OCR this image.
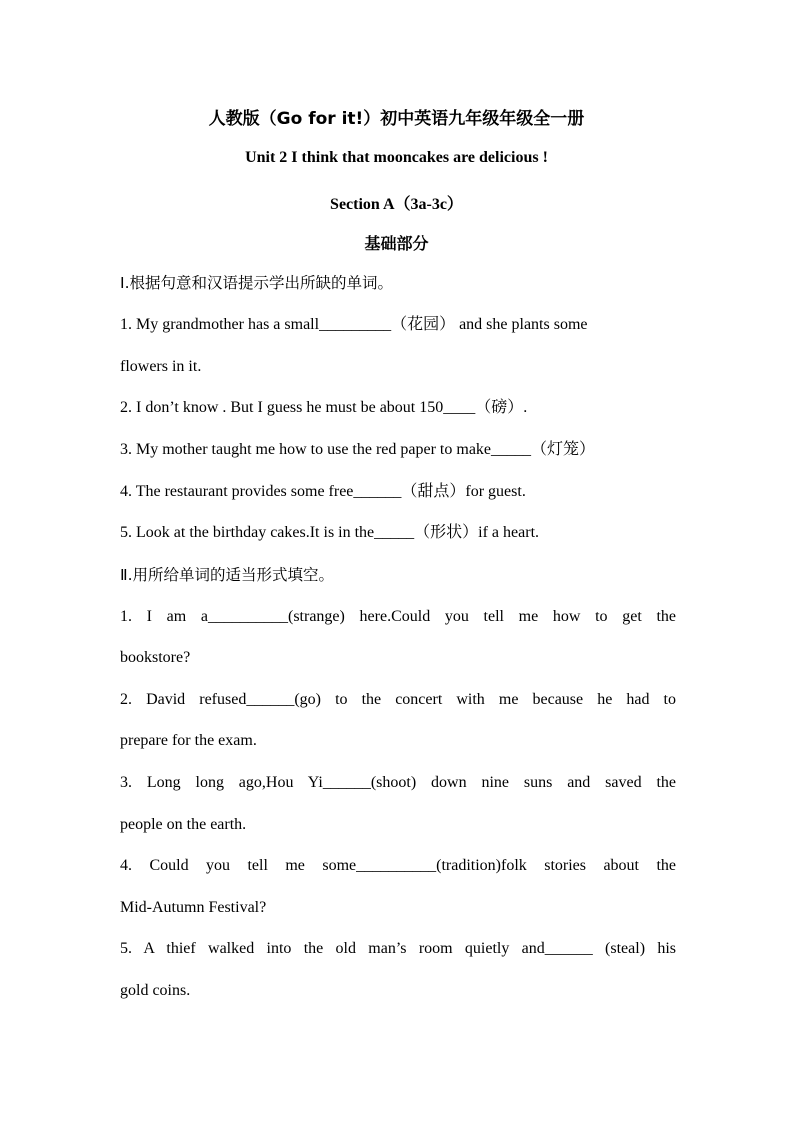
人教版（Go for it!）初中英语九年级年级全一册
Unit 2 I think that mooncakes are delicious !
Section A（3a-3c）
基础部分
Ⅰ.根据句意和汉语提示学出所缺的单词。
1. My grandmother has a small_________（花园） and she plants some
flowers in it.
2. I don’t know . But I guess he must be about 150____（磅）.
3. My mother taught me how to use the red paper to make_____（灯笼）
4. The restaurant provides some free______（甜点）for guest.
5. Look at the birthday cakes.It is in the_____（形状）if a heart.
Ⅱ.用所给单词的适当形式填空。
1. I am a__________(strange) here.Could you tell me how to get the
bookstore?
2. David refused______(go) to the concert with me because he had to
prepare for the exam.
3. Long long ago,Hou Yi______(shoot) down nine suns and saved the
people on the earth.
4. Could you tell me some__________(tradition)folk stories about the
Mid-Autumn Festival?
5. A thief walked into the old man’s room quietly and______ (steal) his
gold coins.
